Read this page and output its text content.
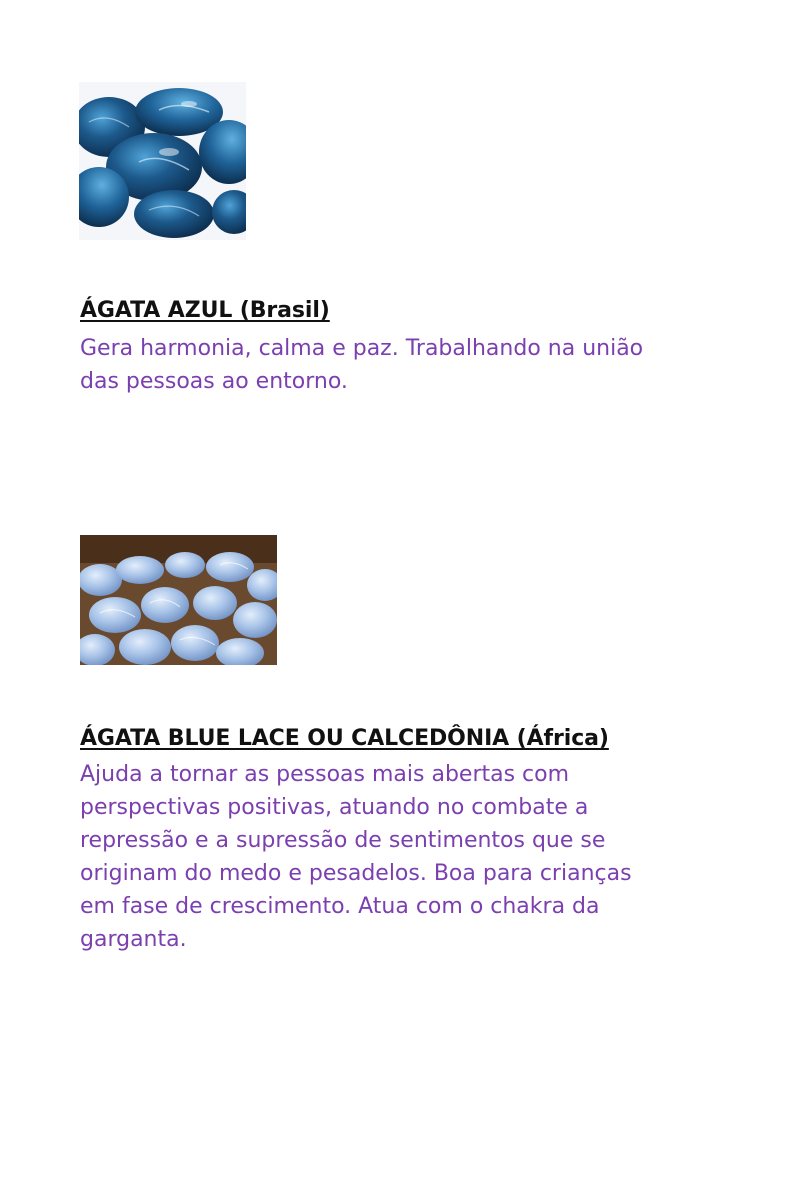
ÁGATA AZUL (Brasil)

Gera harmonia, calma e paz. Trabalhando na união das pessoas ao entorno.

ÁGATA BLUE LACE OU CALCEDÔNIA (África)

Ajuda a tornar as pessoas mais abertas com perspectivas positivas, atuando no combate a repressão e a supressão de sentimentos que se originam do medo e pesadelos. Boa para crianças em fase de crescimento. Atua com o chakra da garganta.
